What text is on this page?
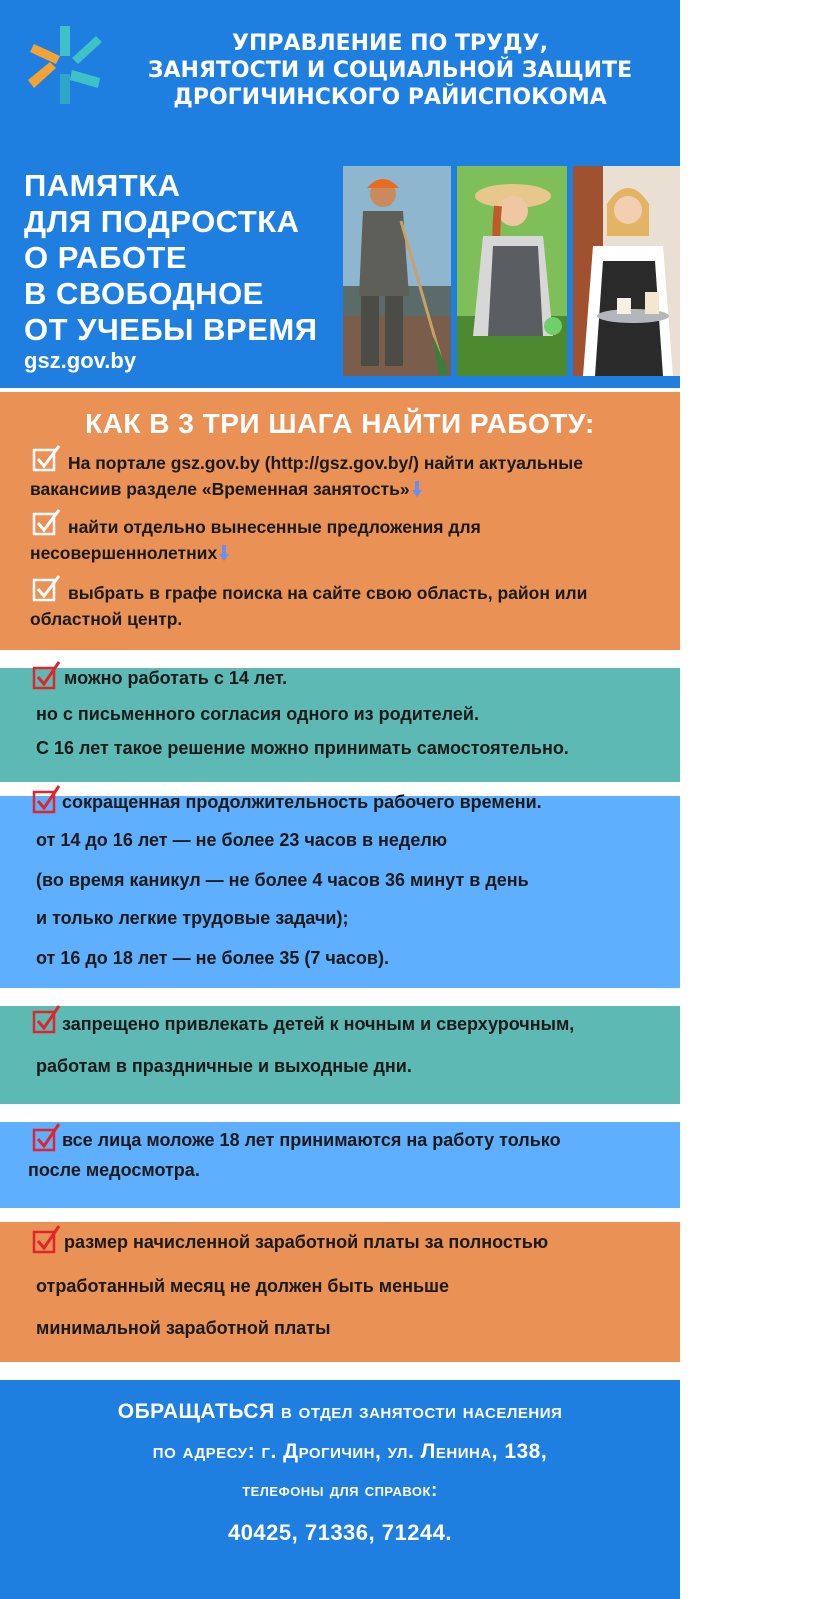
УПРАВЛЕНИЕ ПО ТРУДУ,
ЗАНЯТОСТИ И СОЦИАЛЬНОЙ ЗАЩИТЕ
ДРОГИЧИНСКОГО РАЙИСПОКОМА
ПАМЯТКА
ДЛЯ ПОДРОСТКА
О РАБОТЕ
В СВОБОДНОЕ
ОТ УЧЕБЫ ВРЕМЯ
gsz.gov.by
КАК В 3 ТРИ ШАГА НАЙТИ РАБОТУ:
На портале gsz.gov.by (http://gsz.gov.by/) найти актуальные
вакансиив разделе «Временная занятость»
найти отдельно вынесенные предложения для
несовершеннолетних
выбрать в графе поиска на сайте свою область, район или
областной центр.
можно работать с 14 лет.
но с письменного согласия одного из родителей.
С 16 лет такое решение можно принимать самостоятельно.
сокращенная продолжительность рабочего времени.
от 14 до 16 лет — не более 23 часов в неделю
(во время каникул — не более 4 часов 36 минут в день
и только легкие трудовые задачи);
от 16 до 18 лет — не более 35 (7 часов).
запрещено привлекать детей к ночным и сверхурочным,
работам в праздничные и выходные дни.
все лица моложе 18 лет принимаются на работу только
после медосмотра.
размер начисленной заработной платы за полностью
отработанный месяц не должен быть меньше
минимальной заработной платы
ОБРАЩАТЬСЯ в отдел занятости населения
по адресу: г. Дрогичин, ул. Ленина, 138,
телефоны для справок:
40425, 71336, 71244.
